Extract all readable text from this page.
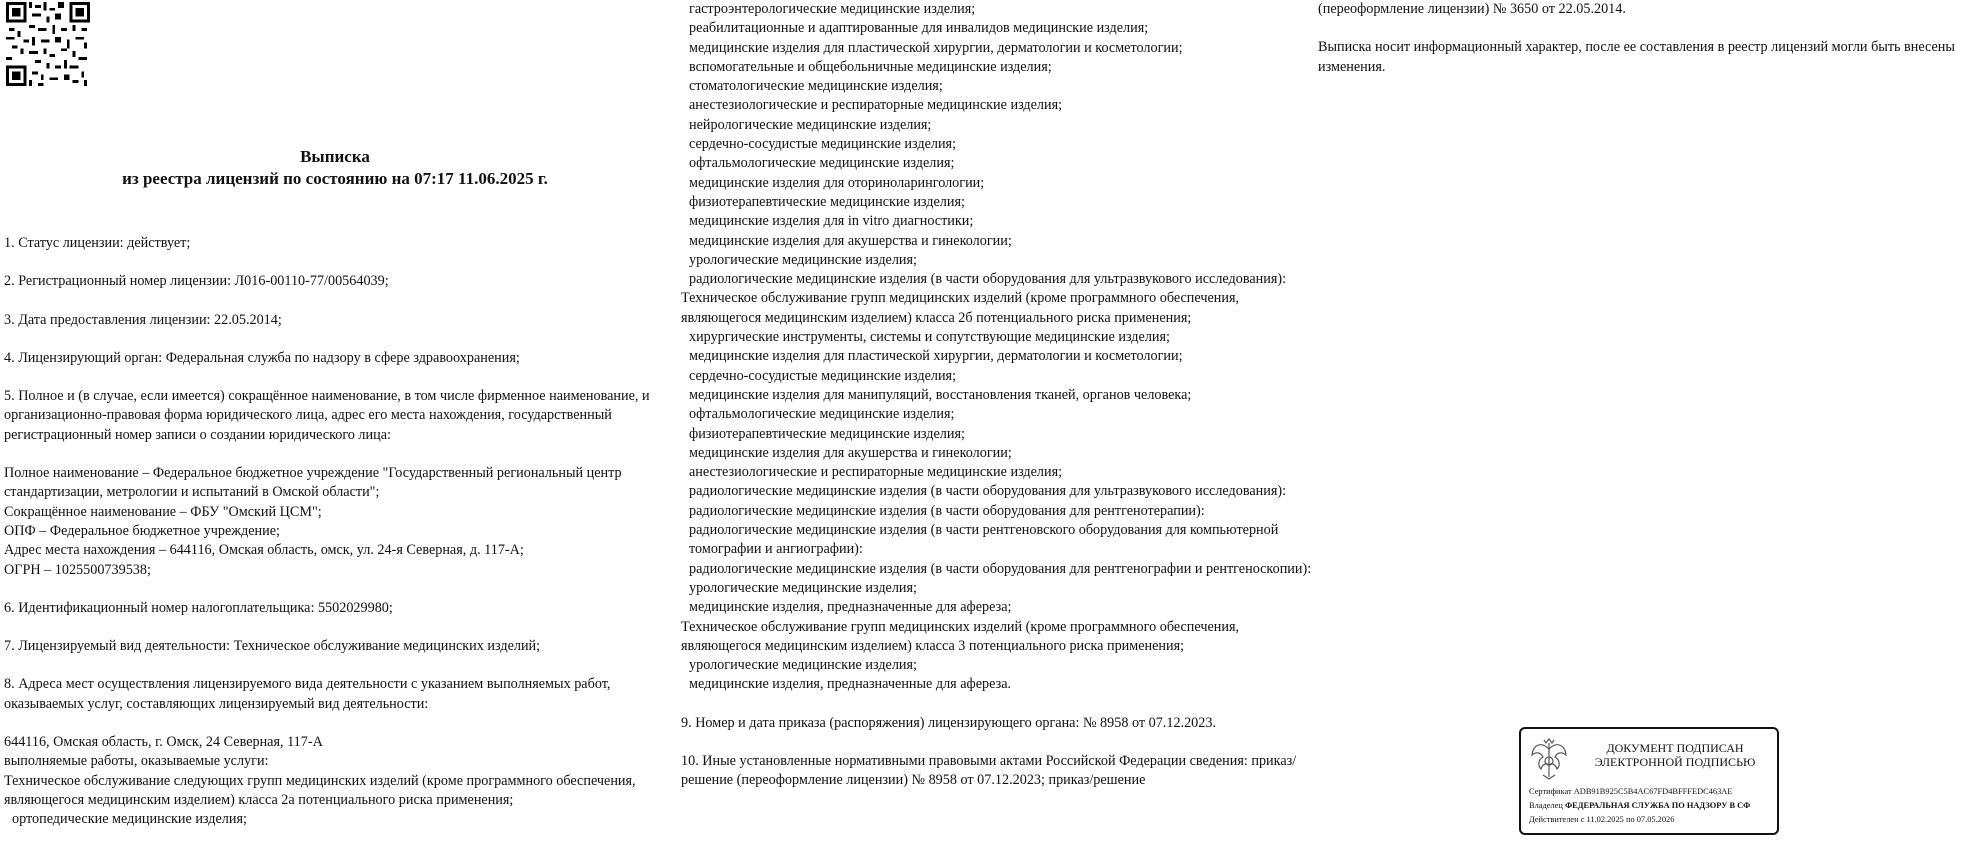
Выписка
из реестра лицензий по состоянию на 07:17 11.06.2025 г.
1. Статус лицензии: действует;
2. Регистрационный номер лицензии: Л016-00110-77/00564039;
3. Дата предоставления лицензии: 22.05.2014;
4. Лицензирующий орган: Федеральная служба по надзору в сфере здравоохранения;
5. Полное и (в случае, если имеется) сокращённое наименование, в том числе фирменное наименование, и организационно-правовая форма юридического лица, адрес его места нахождения, государственный регистрационный номер записи о создании юридического лица:
Полное наименование – Федеральное бюджетное учреждение "Государственный региональный центр стандартизации, метрологии и испытаний в Омской области";
Сокращённое наименование – ФБУ "Омский ЦСМ";
ОПФ – Федеральное бюджетное учреждение;
Адрес места нахождения – 644116, Омская область, омск, ул. 24-я Северная, д. 117-А;
ОГРН – 1025500739538;
6. Идентификационный номер налогоплательщика: 5502029980;
7. Лицензируемый вид деятельности: Техническое обслуживание медицинских изделий;
8. Адреса мест осуществления лицензируемого вида деятельности с указанием выполняемых работ, оказываемых услуг, составляющих лицензируемый вид деятельности:
644116, Омская область, г. Омск, 24 Северная, 117-А
выполняемые работы, оказываемые услуги:
Техническое обслуживание следующих групп медицинских изделий (кроме программного обеспечения, являющегося медицинским изделием) класса 2а потенциального риска применения;
ортопедические медицинские изделия;
гастроэнтерологические медицинские изделия;
реабилитационные и адаптированные для инвалидов медицинские изделия;
медицинские изделия для пластической хирургии, дерматологии и косметологии;
вспомогательные и общебольничные медицинские изделия;
стоматологические медицинские изделия;
анестезиологические и респираторные медицинские изделия;
нейрологические медицинские изделия;
сердечно-сосудистые медицинские изделия;
офтальмологические медицинские изделия;
медицинские изделия для оториноларингологии;
физиотерапевтические медицинские изделия;
медицинские изделия для in vitro диагностики;
медицинские изделия для акушерства и гинекологии;
урологические медицинские изделия;
радиологические медицинские изделия (в части оборудования для ультразвукового исследования):
Техническое обслуживание групп медицинских изделий (кроме программного обеспечения, являющегося медицинским изделием) класса 2б потенциального риска применения;
хирургические инструменты, системы и сопутствующие медицинские изделия;
медицинские изделия для пластической хирургии, дерматологии и косметологии;
сердечно-сосудистые медицинские изделия;
медицинские изделия для манипуляций, восстановления тканей, органов человека;
офтальмологические медицинские изделия;
физиотерапевтические медицинские изделия;
медицинские изделия для акушерства и гинекологии;
анестезиологические и респираторные медицинские изделия;
радиологические медицинские изделия (в части оборудования для ультразвукового исследования):
радиологические медицинские изделия (в части оборудования для рентгенотерапии):
радиологические медицинские изделия (в части рентгеновского оборудования для компьютерной томографии и ангиографии):
радиологические медицинские изделия (в части оборудования для рентгенографии и рентгеноскопии):
урологические медицинские изделия;
медицинские изделия, предназначенные для афереза;
Техническое обслуживание групп медицинских изделий (кроме программного обеспечения, являющегося медицинским изделием) класса 3 потенциального риска применения;
урологические медицинские изделия;
медицинские изделия, предназначенные для афереза.
9. Номер и дата приказа (распоряжения) лицензирующего органа: № 8958 от 07.12.2023.
10. Иные установленные нормативными правовыми актами Российской Федерации сведения: приказ/решение (переоформление лицензии) № 8958 от 07.12.2023; приказ/решение
(переоформление лицензии) № 3650 от 22.05.2014.
Выписка носит информационный характер, после ее составления в реестр лицензий могли быть внесены изменения.
ДОКУМЕНТ ПОДПИСАН
ЭЛЕКТРОННОЙ ПОДПИСЬЮ
Сертификат ADB91B925C5B4AC67FD4BFFFEDC463AE
Владелец ФЕДЕРАЛЬНАЯ СЛУЖБА ПО НАДЗОРУ В СФ
Действителен с 11.02.2025 по 07.05.2026
